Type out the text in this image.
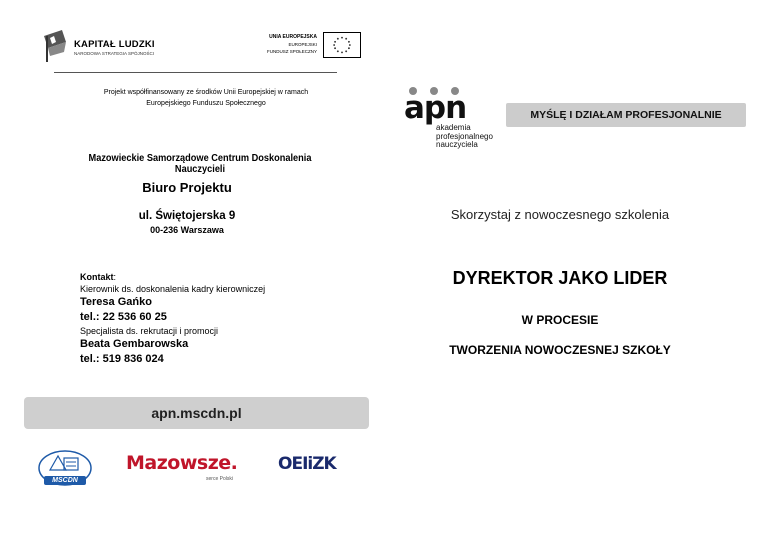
KAPITAŁ LUDZKI
NARODOWA STRATEGIA SPÓJNOŚCI
UNIA EUROPEJSKA
EUROPEJSKI
FUNDUSZ SPOŁECZNY
Projekt współfinansowany ze środków Unii Europejskiej w ramach
Europejskiego Funduszu Społecznego
Mazowieckie Samorządowe Centrum Doskonalenia Nauczycieli
Biuro Projektu
ul. Świętojerska 9
00-236 Warszawa
Kontakt:
Kierownik ds. doskonalenia kadry kierowniczej
Teresa Gańko
tel.: 22 536 60 25
Specjalista ds. rekrutacji i promocji
Beata Gembarowska
tel.: 519 836 024
apn.mscdn.pl
MSCDN
Mazowsze.
serce Polski
OEIiZK
apn
akademia
profesjonalnego
nauczyciela
MYŚLĘ I DZIAŁAM PROFESJONALNIE
Skorzystaj z nowoczesnego szkolenia
DYREKTOR JAKO LIDER
W PROCESIE
TWORZENIA NOWOCZESNEJ SZKOŁY
